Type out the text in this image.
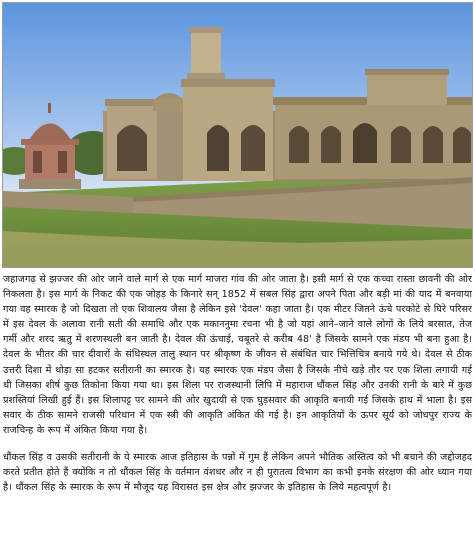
जहाजगढ़ से झज्जर की ओर जाने वाले मार्ग से एक मार्ग माजरा गांव की ओर जाता है। इसी मार्ग से एक कच्चा रास्ता छावनी की ओर निकलता है। इस मार्ग के निकट की एक जोहड़ के किनारे सन् 1852 में सबल सिंह द्वारा अपने पिता और बड़ी मां की याद में बनवाया गया वह स्मारक है जो दिखता तो एक शिवालय जैसा है लेकिन इसे 'देवल' कहा जाता है। एक मीटर जितने ऊंचे परकोटे से घिरे परिसर में इस देवल के अलावा रानी सती की समाधि और एक मकाननुमा रचना भी है जो यहां आने–जाने वाले लोगों के लिये बरसात, तेज गर्मी और शरद ऋतु में शरणस्थली बन जाती है। देवल की ऊंचाई, चबूतरे से करीब 48' है जिसके सामने एक मंडप भी बना हुआ है। देवल के भीतर की चार दीवारों के संधिस्थल तालु स्थान पर श्रीकृष्ण के जीवन से संबंधित चार भित्तिचित्र बनाये गये थे। देवल से ठीक उत्तरी दिशा में थोड़ा सा हटकर सतीरानी का स्मारक है। यह स्मारक एक मंडप जैसा है जिसके नीचे खड़े तौर पर एक शिला लगायी गई थी जिसका शीर्ष कुछ तिकोना किया गया था। इस शिला पर राजस्थानी लिपि में महाराज धौंकल सिंह और उनकी रानी के बारे में कुछ प्रशस्तियां लिखी हुई हैं। इस शिलापट्ट पर सामने की ओर खुदायी से एक घुड़सवार की आकृति बनायी गई जिसके हाथ में भाला है। इस सवार के ठीक सामने राजसी परिधान में एक स्त्री की आकृति अंकित की गई है। इन आकृतियों के ऊपर सूर्य को जोधपुर राज्य के राजचिन्ह के रूप में अंकित किया गया है।

धौंकल सिंह व उसकी सतीरानी के ये स्मारक आज इतिहास के पन्नों में गुम हैं लेकिन अपने भौतिक अस्तित्व को भी बचाने की जद्दोजहद करते प्रतीत होते हैं क्योंकि न तो धौंकल सिंह के वर्तमान वंशधर और न ही पुरातत्व विभाग का कभी इनके संरक्षण की ओर ध्यान गया है। धौंकल सिंह के स्मारक के रूप में मौजूद यह विरासत इस क्षेत्र और झज्जर के इतिहास के लिये महत्वपूर्ण है।
